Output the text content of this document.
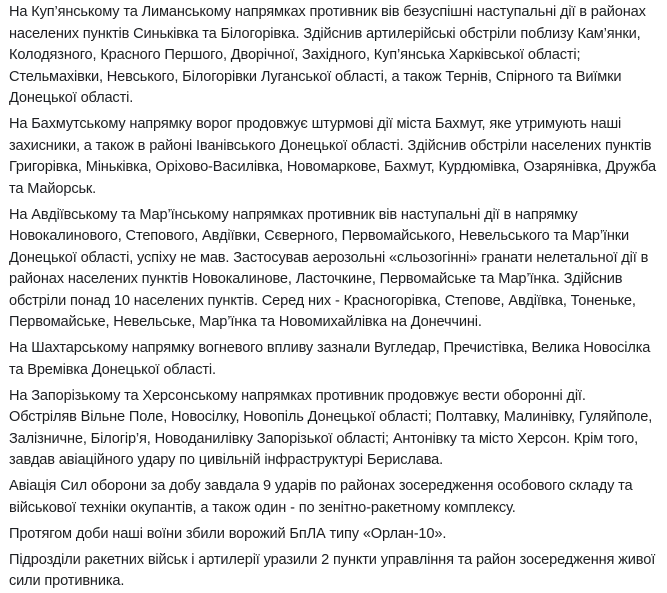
На Куп’янському та Лиманському напрямках противник вів безуспішні наступальні дії в районах населених пунктів Синьківка та Білогорівка. Здійснив артилерійські обстріли поблизу Кам’янки, Колодязного, Красного Першого, Дворічної, Західного, Куп’янська Харківської області; Стельмахівки, Невського, Білогорівки Луганської області, а також Тернів, Спірного та Виїмки Донецької області.

На Бахмутському напрямку ворог продовжує штурмові дії міста Бахмут, яке утримують наші захисники, а також в районі Іванівського Донецької області. Здійснив обстріли населених пунктів Григорівка, Міньківка, Оріхово-Василівка, Новомаркове, Бахмут, Курдюмівка, Озарянівка, Дружба та Майорськ.

На Авдіївському та Мар’їнському напрямках противник вів наступальні дії в напрямку Новокалинового, Степового, Авдіївки, Сєверного, Первомайського, Невельського та Мар’їнки Донецької області, успіху не мав. Застосував аерозольні «сльозогінні» гранати нелетальної дії в районах населених пунктів Новокалинове, Ласточкине, Первомайське та Мар’їнка. Здійснив обстріли понад 10 населених пунктів. Серед них - Красногорівка, Степове, Авдіївка, Тоненьке, Первомайське, Невельське, Мар’їнка та Новомихайлівка на Донеччині.

На Шахтарському напрямку вогневого впливу зазнали Вугледар, Пречистівка, Велика Новосілка та Времівка Донецької області.

На Запорізькому та Херсонському напрямках противник продовжує вести оборонні дії. Обстріляв Вільне Поле, Новосілку, Новопіль Донецької області; Полтавку, Малинівку, Гуляйполе, Залізничне, Білогір’я, Новоданилівку Запорізької області; Антонівку та місто Херсон. Крім того, завдав авіаційного удару по цивільній інфраструктурі Берислава.

Авіація Сил оборони за добу завдала 9 ударів по районах зосередження особового складу та військової техніки окупантів, а також один - по зенітно-ракетному комплексу.

Протягом доби наші воїни збили ворожий БпЛА типу «Орлан-10».

Підрозділи ракетних військ і артилерії уразили 2 пункти управління та район зосередження живої сили противника.
